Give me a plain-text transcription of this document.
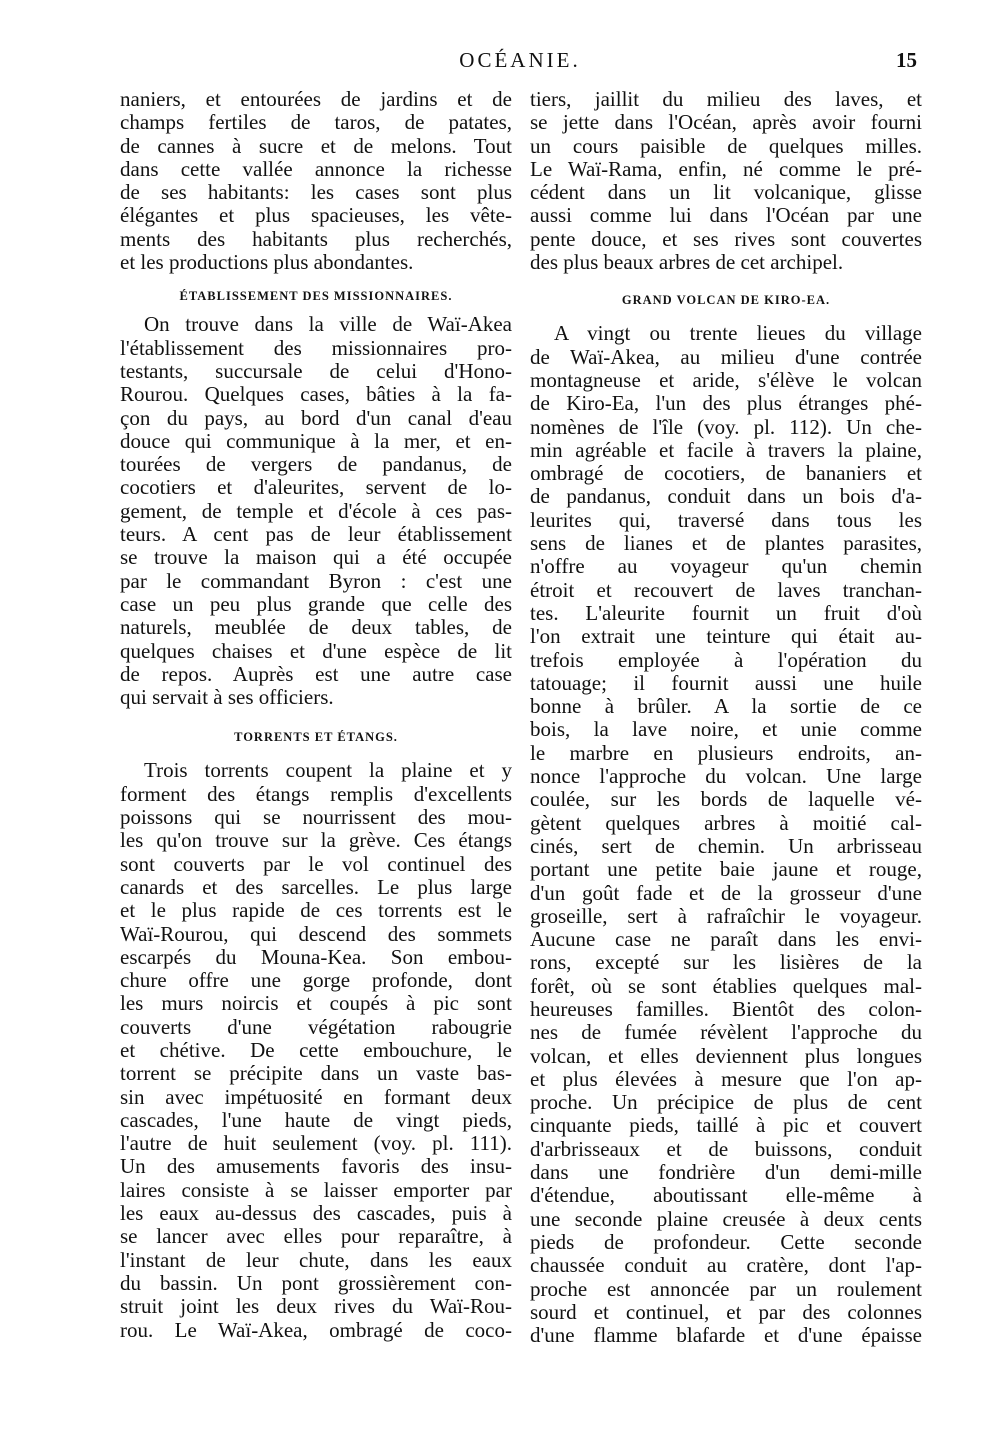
OCÉANIE.	15
naniers, et entourées de jardins et de
champs fertiles de taros, de patates,
de cannes à sucre et de melons. Tout
dans cette vallée annonce la richesse
de ses habitants: les cases sont plus
élégantes et plus spacieuses, les vête-
ments des habitants plus recherchés,
et les productions plus abondantes.
ÉTABLISSEMENT DES MISSIONNAIRES.
On trouve dans la ville de Waï-Akea
l'établissement des missionnaires pro-
testants, succursale de celui d'Hono-
Rourou. Quelques cases, bâties à la fa-
çon du pays, au bord d'un canal d'eau
douce qui communique à la mer, et en-
tourées de vergers de pandanus, de
cocotiers et d'aleurites, servent de lo-
gement, de temple et d'école à ces pas-
teurs. A cent pas de leur établissement
se trouve la maison qui a été occupée
par le commandant Byron : c'est une
case un peu plus grande que celle des
naturels, meublée de deux tables, de
quelques chaises et d'une espèce de lit
de repos. Auprès est une autre case
qui servait à ses officiers.
TORRENTS ET ÉTANGS.
Trois torrents coupent la plaine et y
forment des étangs remplis d'excellents
poissons qui se nourrissent des mou-
les qu'on trouve sur la grève. Ces étangs
sont couverts par le vol continuel des
canards et des sarcelles. Le plus large
et le plus rapide de ces torrents est le
Waï-Rourou, qui descend des sommets
escarpés du Mouna-Kea. Son embou-
chure offre une gorge profonde, dont
les murs noircis et coupés à pic sont
couverts d'une végétation rabougrie
et chétive. De cette embouchure, le
torrent se précipite dans un vaste bas-
sin avec impétuosité en formant deux
cascades, l'une haute de vingt pieds,
l'autre de huit seulement (voy. pl. 111).
Un des amusements favoris des insu-
laires consiste à se laisser emporter par
les eaux au-dessus des cascades, puis à
se lancer avec elles pour reparaître, à
l'instant de leur chute, dans les eaux
du bassin. Un pont grossièrement con-
struit joint les deux rives du Waï-Rou-
rou. Le Waï-Akea, ombragé de coco-
tiers, jaillit du milieu des laves, et
se jette dans l'Océan, après avoir fourni
un cours paisible de quelques milles.
Le Waï-Rama, enfin, né comme le pré-
cédent dans un lit volcanique, glisse
aussi comme lui dans l'Océan par une
pente douce, et ses rives sont couvertes
des plus beaux arbres de cet archipel.
GRAND VOLCAN DE KIRO-EA.
A vingt ou trente lieues du village
de Waï-Akea, au milieu d'une contrée
montagneuse et aride, s'élève le volcan
de Kiro-Ea, l'un des plus étranges phé-
nomènes de l'île (voy. pl. 112). Un che-
min agréable et facile à travers la plaine,
ombragé de cocotiers, de bananiers et
de pandanus, conduit dans un bois d'a-
leurites qui, traversé dans tous les
sens de lianes et de plantes parasites,
n'offre au voyageur qu'un chemin
étroit et recouvert de laves tranchan-
tes. L'aleurite fournit un fruit d'où
l'on extrait une teinture qui était au-
trefois employée à l'opération du
tatouage; il fournit aussi une huile
bonne à brûler. A la sortie de ce
bois, la lave noire, et unie comme
le marbre en plusieurs endroits, an-
nonce l'approche du volcan. Une large
coulée, sur les bords de laquelle vé-
gètent quelques arbres à moitié cal-
cinés, sert de chemin. Un arbrisseau
portant une petite baie jaune et rouge,
d'un goût fade et de la grosseur d'une
groseille, sert à rafraîchir le voyageur.
Aucune case ne paraît dans les envi-
rons, excepté sur les lisières de la
forêt, où se sont établies quelques mal-
heureuses familles. Bientôt des colon-
nes de fumée révèlent l'approche du
volcan, et elles deviennent plus longues
et plus élevées à mesure que l'on ap-
proche. Un précipice de plus de cent
cinquante pieds, taillé à pic et couvert
d'arbrisseaux et de buissons, conduit
dans une fondrière d'un demi-mille
d'étendue, aboutissant elle-même à
une seconde plaine creusée à deux cents
pieds de profondeur. Cette seconde
chaussée conduit au cratère, dont l'ap-
proche est annoncée par un roulement
sourd et continuel, et par des colonnes
d'une flamme blafarde et d'une épaisse
